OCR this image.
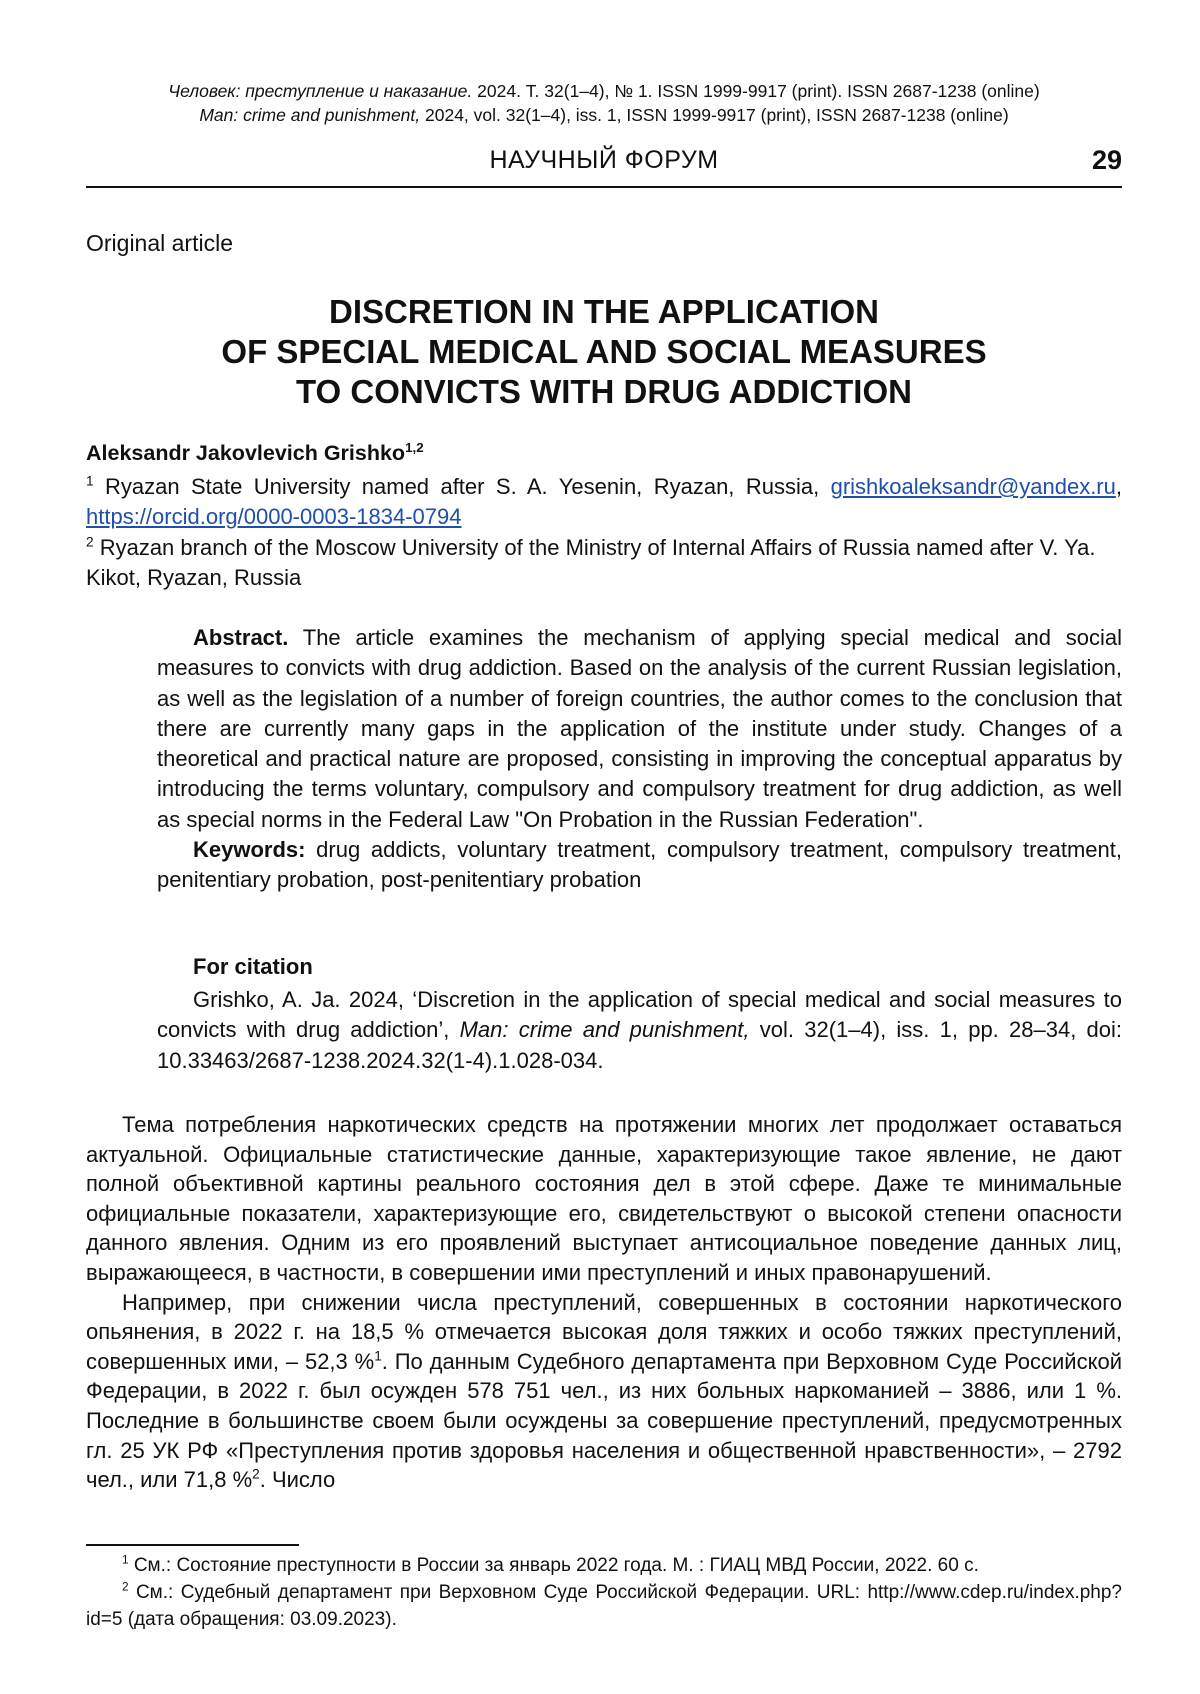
Человек: преступление и наказание. 2024. Т. 32(1–4), № 1. ISSN 1999-9917 (print). ISSN 2687-1238 (online)
Man: crime and punishment, 2024, vol. 32(1–4), iss. 1, ISSN 1999-9917 (print), ISSN 2687-1238 (online)
НАУЧНЫЙ ФОРУМ	29
Original article
DISCRETION IN THE APPLICATION
OF SPECIAL MEDICAL AND SOCIAL MEASURES
TO CONVICTS WITH DRUG ADDICTION
Aleksandr Jakovlevich Grishko$^{1,2}$
$^1$ Ryazan State University named after S. A. Yesenin, Ryazan, Russia, grishkoaleksandr@yandex.ru, https://orcid.org/0000-0003-1834-0794
$^2$ Ryazan branch of the Moscow University of the Ministry of Internal Affairs of Russia named after V. Ya. Kikot, Ryazan, Russia
Abstract. The article examines the mechanism of applying special medical and social measures to convicts with drug addiction. Based on the analysis of the current Russian legislation, as well as the legislation of a number of foreign countries, the author comes to the conclusion that there are currently many gaps in the application of the institute under study. Changes of a theoretical and practical nature are proposed, consisting in improving the conceptual apparatus by introducing the terms voluntary, compulsory and compulsory treatment for drug addiction, as well as special norms in the Federal Law "On Probation in the Russian Federation".
Keywords: drug addicts, voluntary treatment, compulsory treatment, compulsory treatment, penitentiary probation, post-penitentiary probation
For citation
Grishko, A. Ja. 2024, ‘Discretion in the application of special medical and social measures to convicts with drug addiction’, Man: crime and punishment, vol. 32(1–4), iss. 1, pp. 28–34, doi: 10.33463/2687-1238.2024.32(1-4).1.028-034.

Тема потребления наркотических средств на протяжении многих лет продолжает оставаться актуальной. Официальные статистические данные, характеризующие такое явление, не дают полной объективной картины реального состояния дел в этой сфере. Даже те минимальные официальные показатели, характеризующие его, свидетельствуют о высокой степени опасности данного явления. Одним из его проявлений выступает антисоциальное поведение данных лиц, выражающееся, в частности, в совершении ими преступлений и иных правонарушений.

Например, при снижении числа преступлений, совершенных в состоянии наркотического опьянения, в 2022 г. на 18,5 % отмечается высокая доля тяжких и особо тяжких преступлений, совершенных ими, – 52,3 %$^1$. По данным Судебного департамента при Верховном Суде Российской Федерации, в 2022 г. был осужден 578 751 чел., из них больных наркоманией – 3886, или 1 %. Последние в большинстве своем были осуждены за совершение преступлений, предусмотренных гл. 25 УК РФ «Преступления против здоровья населения и общественной нравственности», – 2792 чел., или 71,8 %$^2$. Число

$^1$ См.: Состояние преступности в России за январь 2022 года. М. : ГИАЦ МВД России, 2022. 60 с.

$^2$ См.: Судебный департамент при Верховном Суде Российской Федерации. URL: http://www.cdep.ru/index.php?id=5 (дата обращения: 03.09.2023).
